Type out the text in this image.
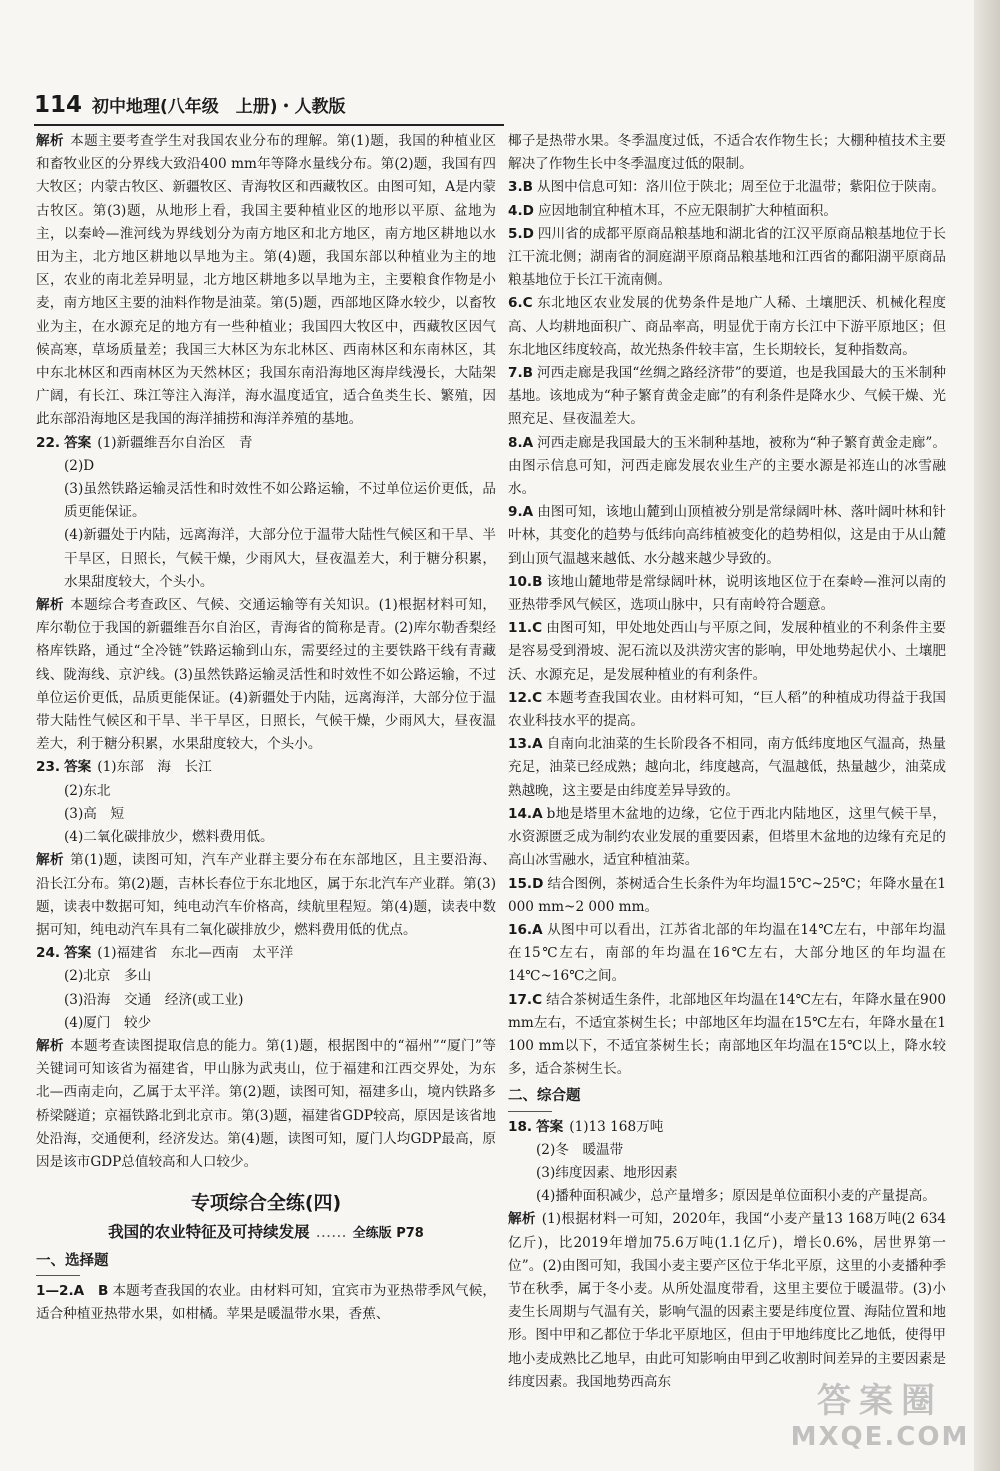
114 初中地理(八年级　上册)・人教版

解析 本题主要考查学生对我国农业分布的理解。第(1)题，我国的种植业区和畜牧业区的分界线大致沿400 mm年等降水量线分布。第(2)题，我国有四大牧区；内蒙古牧区、新疆牧区、青海牧区和西藏牧区。由图可知，A是内蒙古牧区。第(3)题，从地形上看，我国主要种植业区的地形以平原、盆地为主，以秦岭—淮河线为界线划分为南方地区和北方地区，南方地区耕地以水田为主，北方地区耕地以旱地为主。第(4)题，我国东部以种植业为主的地区，农业的南北差异明显，北方地区耕地多以旱地为主，主要粮食作物是小麦，南方地区主要的油料作物是油菜。第(5)题，西部地区降水较少，以畜牧业为主，在水源充足的地方有一些种植业；我国四大牧区中，西藏牧区因气候高寒，草场质量差；我国三大林区为东北林区、西南林区和东南林区，其中东北林区和西南林区为天然林区；我国东南沿海地区海岸线漫长，大陆架广阔，有长江、珠江等注入海洋，海水温度适宜，适合鱼类生长、繁殖，因此东部沿海地区是我国的海洋捕捞和海洋养殖的基地。

22. 答案 (1)新疆维吾尔自治区　青

(2)D

(3)虽然铁路运输灵活性和时效性不如公路运输，不过单位运价更低，品质更能保证。

(4)新疆处于内陆，远离海洋，大部分位于温带大陆性气候区和干旱、半干旱区，日照长，气候干燥，少雨风大，昼夜温差大，利于糖分积累，水果甜度较大，个头小。

解析 本题综合考查政区、气候、交通运输等有关知识。(1)根据材料可知，库尔勒位于我国的新疆维吾尔自治区，青海省的简称是青。(2)库尔勒香梨经格库铁路，通过“全冷链”铁路运输到山东，需要经过的主要铁路干线有青藏线、陇海线、京沪线。(3)虽然铁路运输灵活性和时效性不如公路运输，不过单位运价更低，品质更能保证。(4)新疆处于内陆，远离海洋，大部分位于温带大陆性气候区和干旱、半干旱区，日照长，气候干燥，少雨风大，昼夜温差大，利于糖分积累，水果甜度较大，个头小。

23. 答案 (1)东部　海　长江

(2)东北

(3)高　短

(4)二氧化碳排放少，燃料费用低。

解析 第(1)题，读图可知，汽车产业群主要分布在东部地区，且主要沿海、沿长江分布。第(2)题，吉林长春位于东北地区，属于东北汽车产业群。第(3)题，读表中数据可知，纯电动汽车价格高，续航里程短。第(4)题，读表中数据可知，纯电动汽车具有二氧化碳排放少，燃料费用低的优点。

24. 答案 (1)福建省　东北—西南　太平洋

(2)北京　多山

(3)沿海　交通　经济(或工业)

(4)厦门　较少

解析 本题考查读图提取信息的能力。第(1)题，根据图中的“福州”“厦门”等关键词可知该省为福建省，甲山脉为武夷山，位于福建和江西交界处，为东北—西南走向，乙属于太平洋。第(2)题，读图可知，福建多山，境内铁路多桥梁隧道；京福铁路北到北京市。第(3)题，福建省GDP较高，原因是该省地处沿海，交通便利，经济发达。第(4)题，读图可知，厦门人均GDP最高，原因是该市GDP总值较高和人口较少。

专项综合全练(四)
我国的农业特征及可持续发展 …… 全练版 P78
一、选择题

1—2.A　B 本题考查我国的农业。由材料可知，宜宾市为亚热带季风气候，适合种植亚热带水果，如柑橘。苹果是暖温带水果，香蕉、

椰子是热带水果。冬季温度过低，不适合农作物生长；大棚种植技术主要解决了作物生长中冬季温度过低的限制。

3.B 从图中信息可知：洛川位于陕北；周至位于北温带；紫阳位于陕南。

4.D 应因地制宜种植木耳，不应无限制扩大种植面积。

5.D 四川省的成都平原商品粮基地和湖北省的江汉平原商品粮基地位于长江干流北侧；湖南省的洞庭湖平原商品粮基地和江西省的鄱阳湖平原商品粮基地位于长江干流南侧。

6.C 东北地区农业发展的优势条件是地广人稀、土壤肥沃、机械化程度高、人均耕地面积广、商品率高，明显优于南方长江中下游平原地区；但东北地区纬度较高，故光热条件较丰富，生长期较长，复种指数高。

7.B 河西走廊是我国“丝绸之路经济带”的要道，也是我国最大的玉米制种基地。该地成为“种子繁育黄金走廊”的有利条件是降水少、气候干燥、光照充足、昼夜温差大。

8.A 河西走廊是我国最大的玉米制种基地，被称为“种子繁育黄金走廊”。由图示信息可知，河西走廊发展农业生产的主要水源是祁连山的冰雪融水。

9.A 由图可知，该地山麓到山顶植被分别是常绿阔叶林、落叶阔叶林和针叶林，其变化的趋势与低纬向高纬植被变化的趋势相似，这是由于从山麓到山顶气温越来越低、水分越来越少导致的。

10.B 该地山麓地带是常绿阔叶林，说明该地区位于在秦岭—淮河以南的亚热带季风气候区，选项山脉中，只有南岭符合题意。

11.C 由图可知，甲处地处西山与平原之间，发展种植业的不利条件主要是容易受到滑坡、泥石流以及洪涝灾害的影响，甲处地势起伏小、土壤肥沃、水源充足，是发展种植业的有利条件。

12.C 本题考查我国农业。由材料可知，“巨人稻”的种植成功得益于我国农业科技水平的提高。

13.A 自南向北油菜的生长阶段各不相同，南方低纬度地区气温高，热量充足，油菜已经成熟；越向北，纬度越高，气温越低，热量越少，油菜成熟越晚，这主要是由纬度差异导致的。

14.A b地是塔里木盆地的边缘，它位于西北内陆地区，这里气候干旱，水资源匮乏成为制约农业发展的重要因素，但塔里木盆地的边缘有充足的高山冰雪融水，适宜种植油菜。

15.D 结合图例，茶树适合生长条件为年均温15℃~25℃；年降水量在1 000 mm~2 000 mm。

16.A 从图中可以看出，江苏省北部的年均温在14℃左右，中部年均温在15℃左右，南部的年均温在16℃左右，大部分地区的年均温在14℃~16℃之间。

17.C 结合茶树适生条件，北部地区年均温在14℃左右，年降水量在900 mm左右，不适宜茶树生长；中部地区年均温在15℃左右，年降水量在1 100 mm以下，不适宜茶树生长；南部地区年均温在15℃以上，降水较多，适合茶树生长。

二、综合题

18. 答案 (1)13 168万吨

(2)冬　暖温带

(3)纬度因素、地形因素

(4)播种面积减少，总产量增多；原因是单位面积小麦的产量提高。

解析 (1)根据材料一可知，2020年，我国“小麦产量13 168万吨(2 634亿斤)，比2019年增加75.6万吨(1.1亿斤)，增长0.6%，居世界第一位”。(2)由图可知，我国小麦主要产区位于华北平原，这里的小麦播种季节在秋季，属于冬小麦。从所处温度带看，这里主要位于暖温带。(3)小麦生长周期与气温有关，影响气温的因素主要是纬度位置、海陆位置和地形。图中甲和乙都位于华北平原地区，但由于甲地纬度比乙地低，使得甲地小麦成熟比乙地早，由此可知影响由甲到乙收割时间差异的主要因素是纬度因素。我国地势西高东	答案圈
MXQE.COM
